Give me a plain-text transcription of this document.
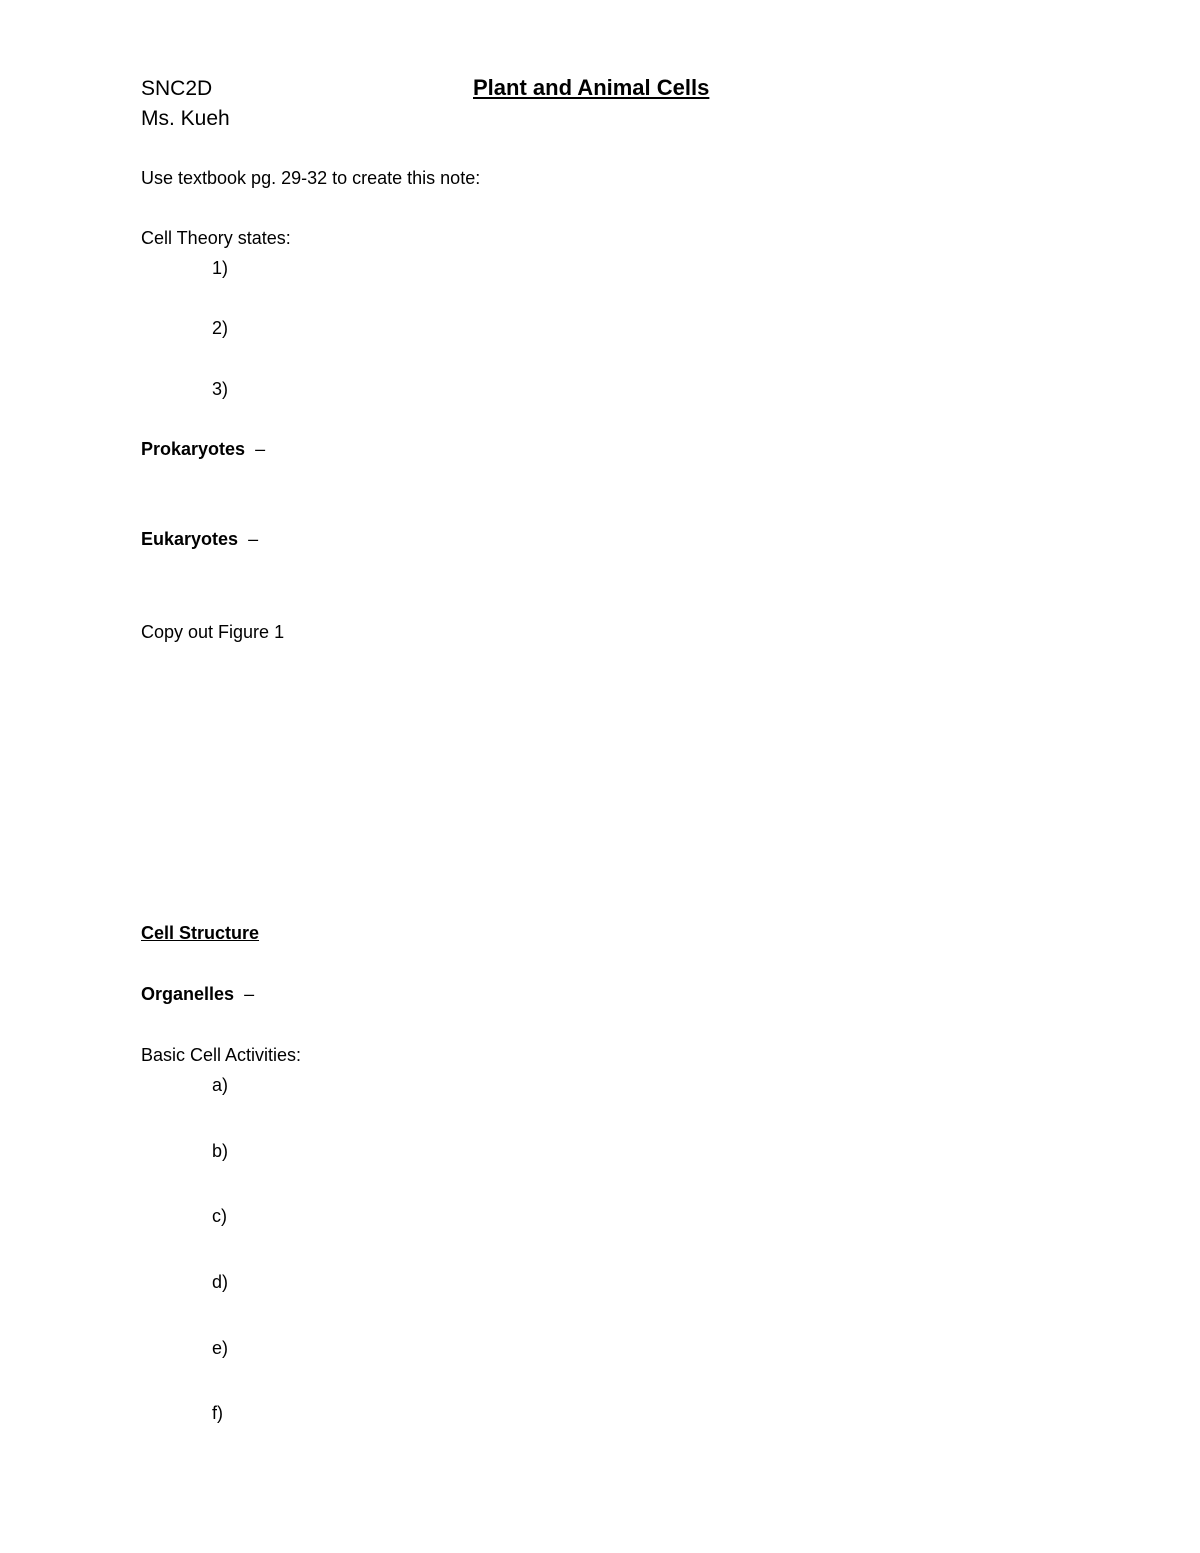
SNC2D	Plant and Animal Cells
Ms. Kueh
Use textbook pg. 29-32 to create this note:
Cell Theory states:
1)
2)
3)
Prokaryotes –
Eukaryotes –
Copy out Figure 1
Cell Structure
Organelles –
Basic Cell Activities:
a)
b)
c)
d)
e)
f)
